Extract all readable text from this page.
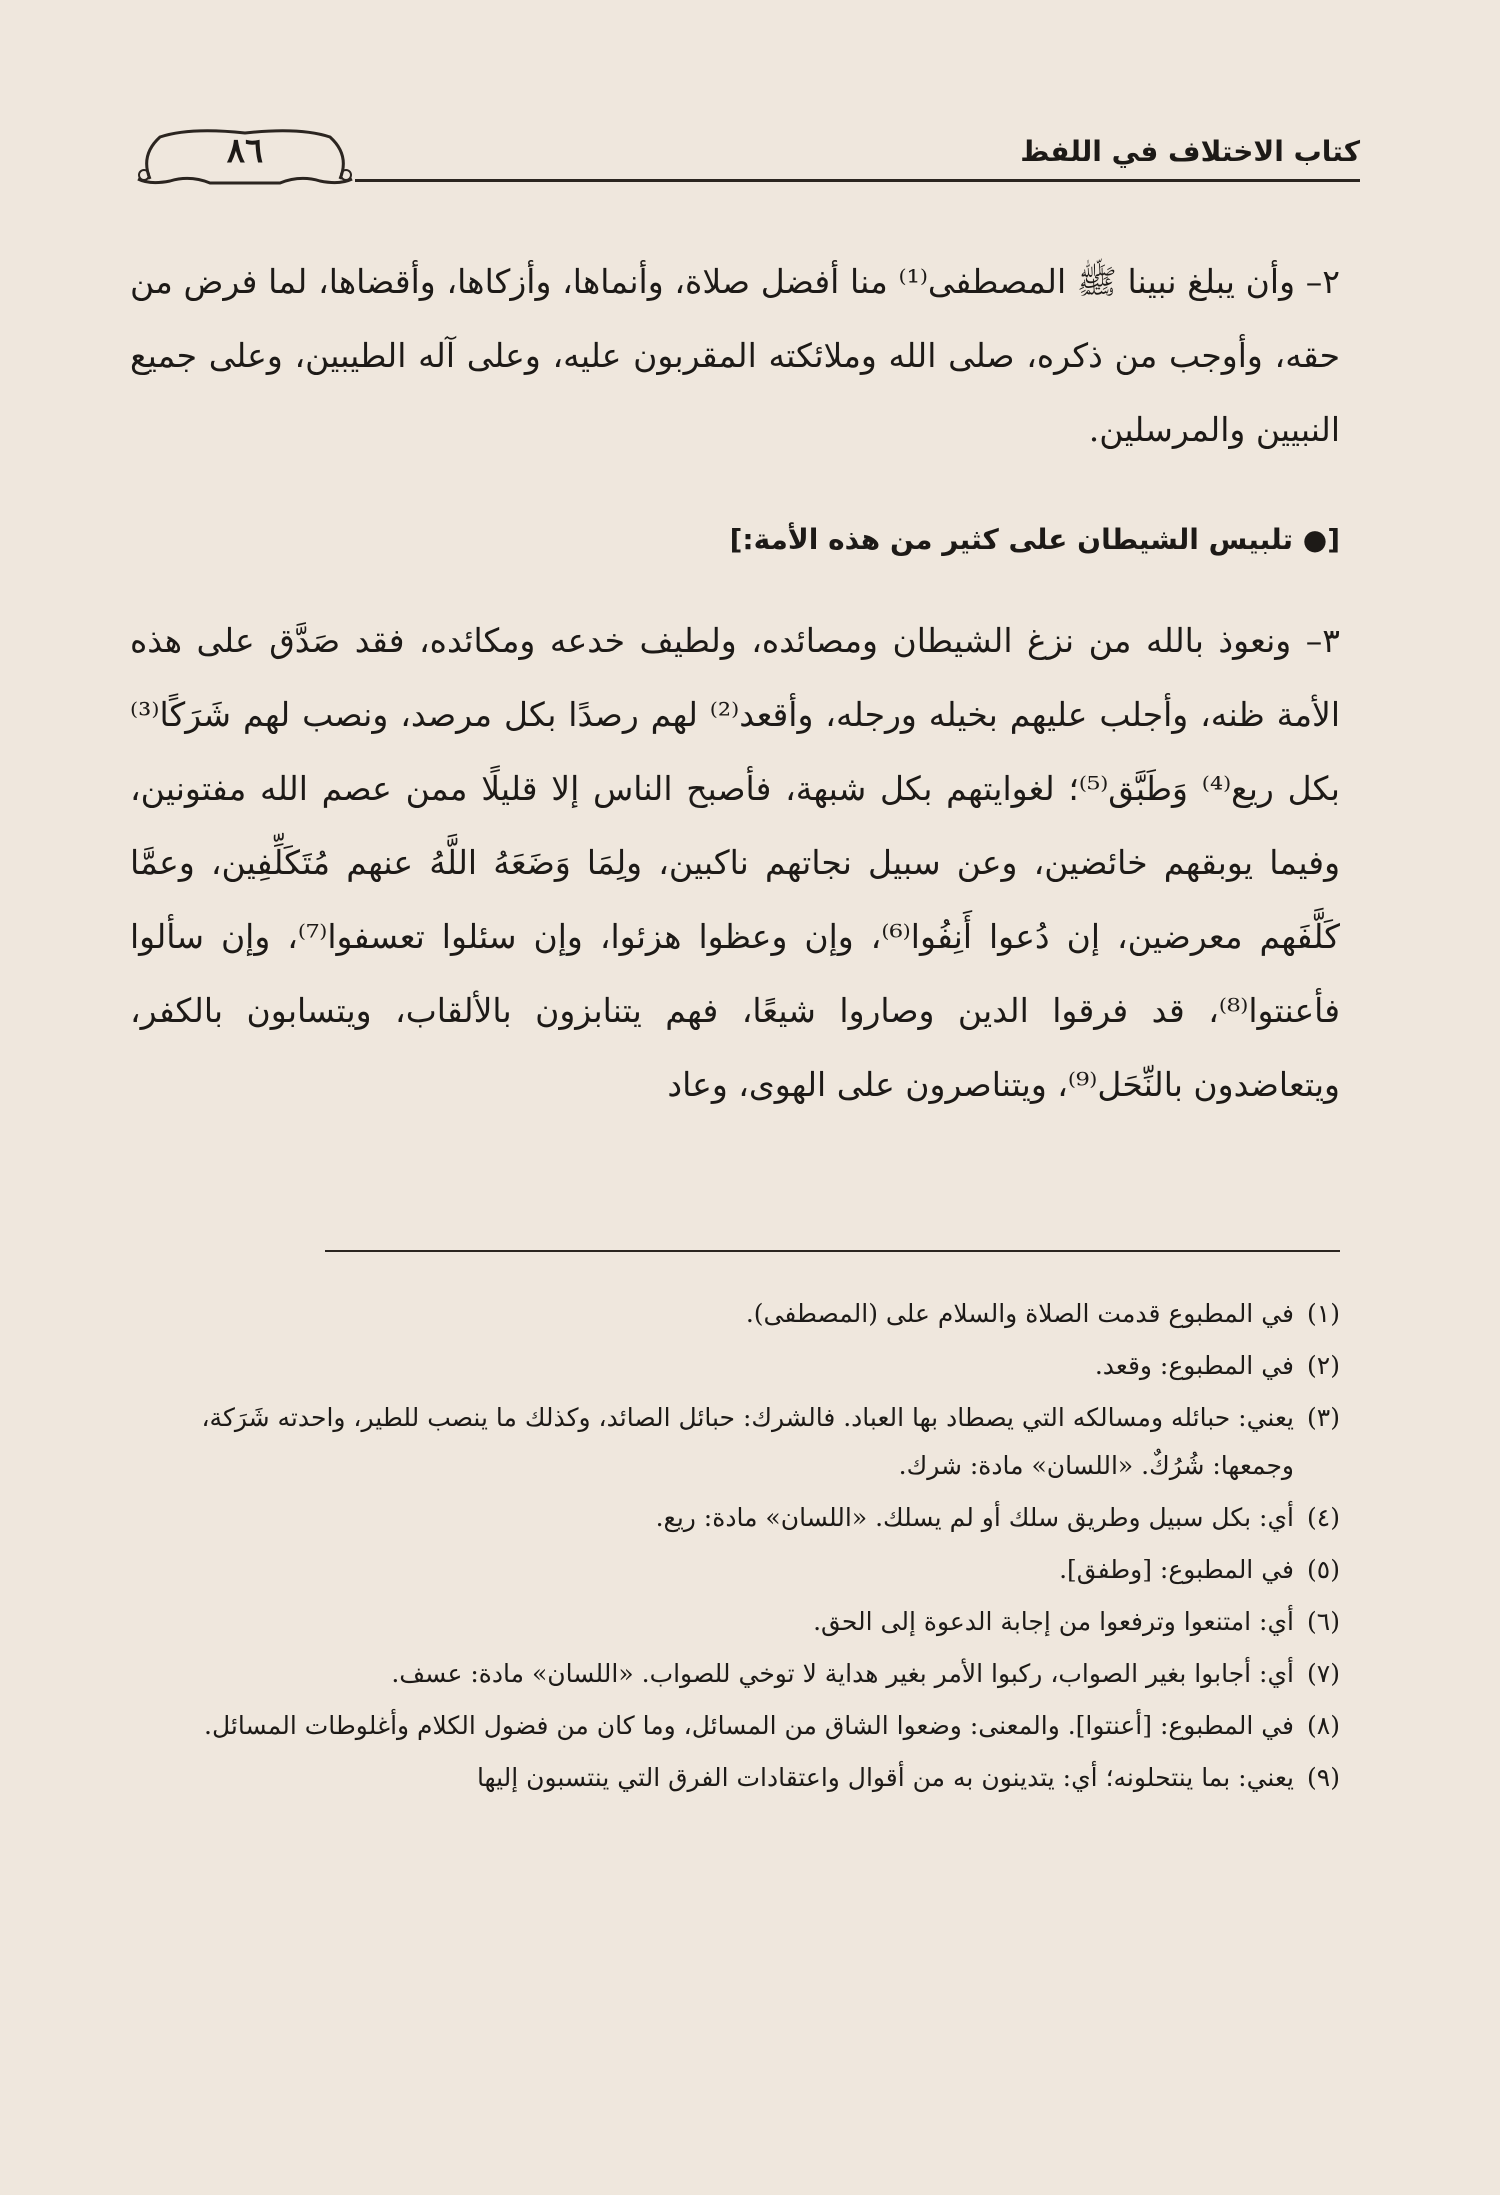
٨٦	كتاب الاختلاف في اللفظ

٢– وأن يبلغ نبينا ﷺ المصطفى⁽¹⁾ منا أفضل صلاة، وأنماها، وأزكاها، وأقضاها، لما فرض من حقه، وأوجب من ذكره، صلى الله وملائكته المقربون عليه، وعلى آله الطيبين، وعلى جميع النبيين والمرسلين.

[● تلبيس الشيطان على كثير من هذه الأمة:]

٣– ونعوذ بالله من نزغ الشيطان ومصائده، ولطيف خدعه ومكائده، فقد صَدَّق على هذه الأمة ظنه، وأجلب عليهم بخيله ورجله، وأقعد⁽²⁾ لهم رصدًا بكل مرصد، ونصب لهم شَرَكًا⁽³⁾ بكل ريع⁽⁴⁾ وَطَبَّق⁽⁵⁾؛ لغوايتهم بكل شبهة، فأصبح الناس إلا قليلًا ممن عصم الله مفتونين، وفيما يوبقهم خائضين، وعن سبيل نجاتهم ناكبين، ولِمَا وَضَعَهُ اللَّهُ عنهم مُتَكَلِّفِين، وعمَّا كَلَّفَهم معرضين، إن دُعوا أَنِفُوا⁽⁶⁾، وإن وعظوا هزئوا، وإن سئلوا تعسفوا⁽⁷⁾، وإن سألوا فأعنتوا⁽⁸⁾، قد فرقوا الدين وصاروا شيعًا، فهم يتنابزون بالألقاب، ويتسابون بالكفر، ويتعاضدون بالنِّحَل⁽⁹⁾، ويتناصرون على الهوى، وعاد

(١)
في المطبوع قدمت الصلاة والسلام على (المصطفى).
(٢)
في المطبوع: وقعد.
(٣)
يعني: حبائله ومسالكه التي يصطاد بها العباد. فالشرك: حبائل الصائد، وكذلك ما ينصب للطير، واحدته شَرَكة، وجمعها: شُرُكٌ. «اللسان» مادة: شرك.
(٤)
أي: بكل سبيل وطريق سلك أو لم يسلك. «اللسان» مادة: ريع.
(٥)
في المطبوع: [وطفق].
(٦)
أي: امتنعوا وترفعوا من إجابة الدعوة إلى الحق.
(٧)
أي: أجابوا بغير الصواب، ركبوا الأمر بغير هداية لا توخي للصواب. «اللسان» مادة: عسف.
(٨)
في المطبوع: [أعنتوا]. والمعنى: وضعوا الشاق من المسائل، وما كان من فضول الكلام وأغلوطات المسائل.
(٩)
يعني: بما ينتحلونه؛ أي: يتدينون به من أقوال واعتقادات الفرق التي ينتسبون إليها
